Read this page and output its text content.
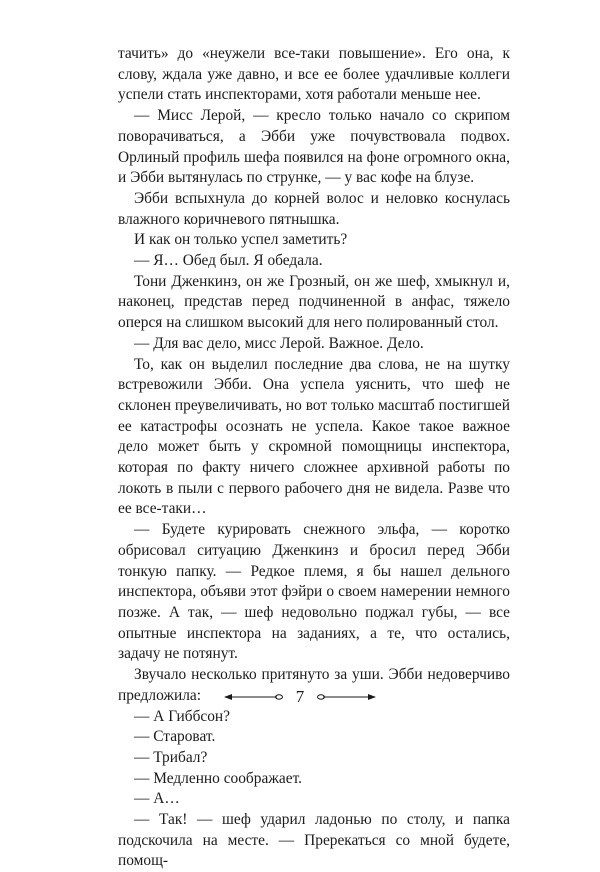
тачить» до «неужели все-таки повышение». Его она, к слову, ждала уже давно, и все ее более удачливые коллеги успели стать инспекторами, хотя работали меньше нее.

— Мисс Лерой, — кресло только начало со скрипом поворачиваться, а Эбби уже почувствовала подвох. Орлиный профиль шефа появился на фоне огромного окна, и Эбби вытянулась по струнке, — у вас кофе на блузе.

Эбби вспыхнула до корней волос и неловко коснулась влажного коричневого пятнышка.

И как он только успел заметить?

— Я… Обед был. Я обедала.

Тони Дженкинз, он же Грозный, он же шеф, хмыкнул и, наконец, представ перед подчиненной в анфас, тяжело оперся на слишком высокий для него полированный стол.

— Для вас дело, мисс Лерой. Важное. Дело.

То, как он выделил последние два слова, не на шутку встревожили Эбби. Она успела уяснить, что шеф не склонен преувеличивать, но вот только масштаб постигшей ее катастрофы осознать не успела. Какое такое важное дело может быть у скромной помощницы инспектора, которая по факту ничего сложнее архивной работы по локоть в пыли с первого рабочего дня не видела. Разве что ее все-таки…

— Будете курировать снежного эльфа, — коротко обрисовал ситуацию Дженкинз и бросил перед Эбби тонкую папку. — Редкое племя, я бы нашел дельного инспектора, объяви этот фэйри о своем намерении немного позже. А так, — шеф недовольно поджал губы, — все опытные инспектора на заданиях, а те, что остались, задачу не потянут.

Звучало несколько притянуто за уши. Эбби недоверчиво предложила:

— А Гиббсон?

— Староват.

— Трибал?

— Медленно соображает.

— А…

— Так! — шеф ударил ладонью по столу, и папка подскочила на месте. — Пререкаться со мной будете, помощ-

7
